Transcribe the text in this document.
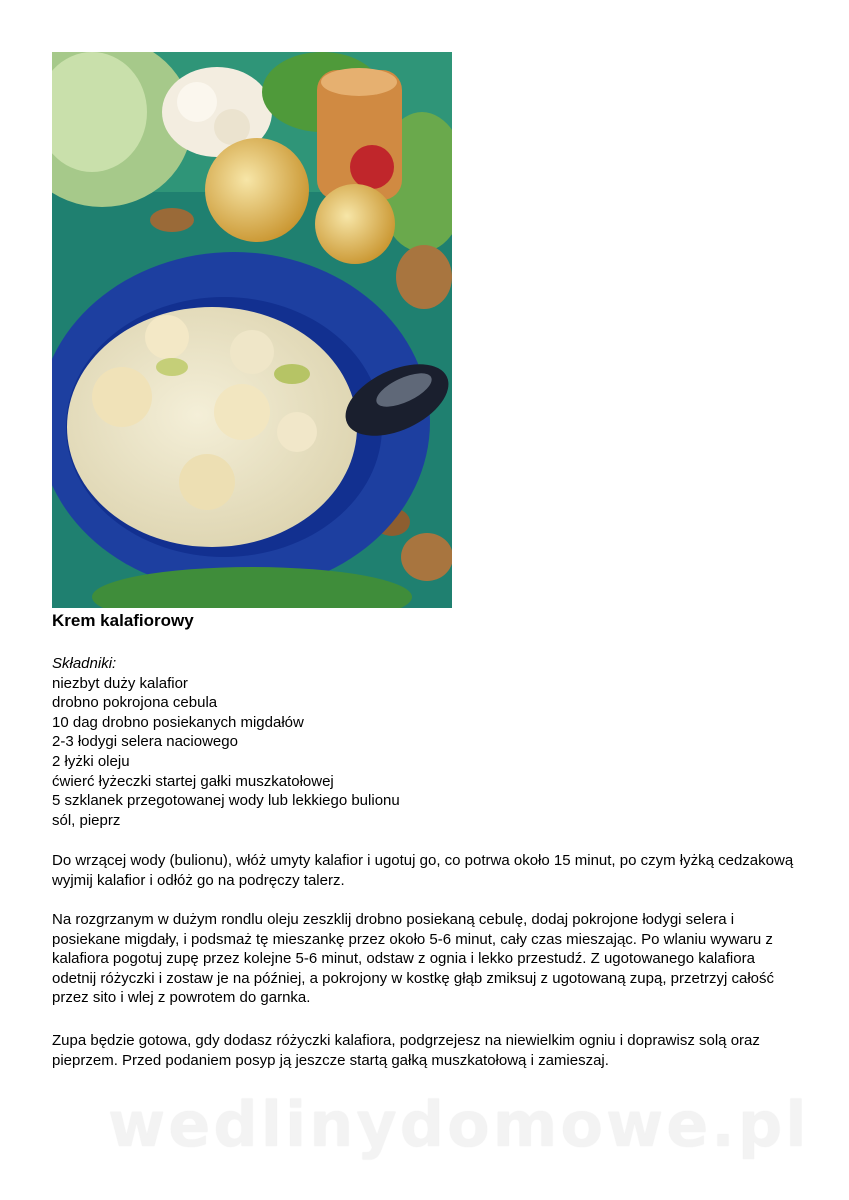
Krem kalafiorowy
Składniki:
niezbyt duży kalafior
drobno pokrojona cebula
10 dag drobno posiekanych migdałów
2-3 łodygi selera naciowego
2 łyżki oleju
ćwierć łyżeczki startej gałki muszkatołowej
5 szklanek przegotowanej wody lub lekkiego bulionu
sól, pieprz
Do wrzącej wody (bulionu), włóż umyty kalafior i ugotuj go, co potrwa około 15 minut, po czym łyżką cedzakową wyjmij kalafior i odłóż go na podręczy talerz.
Na rozgrzanym w dużym rondlu oleju zeszklij drobno posiekaną cebulę, dodaj pokrojone łodygi selera i posiekane migdały, i podsmaż tę mieszankę przez około 5-6 minut, cały czas mieszając. Po wlaniu wywaru z kalafiora pogotuj zupę przez kolejne 5-6 minut, odstaw z ognia i lekko przestudź. Z ugotowanego kalafiora odetnij różyczki i zostaw je na później, a pokrojony w kostkę głąb zmiksuj z ugotowaną zupą, przetrzyj całość przez sito i wlej z powrotem do garnka.
Zupa będzie gotowa, gdy dodasz różyczki kalafiora, podgrzejesz na niewielkim ogniu i doprawisz solą oraz pieprzem. Przed podaniem posyp ją jeszcze startą gałką muszkatołową i zamieszaj.
wedlinydomowe.pl
